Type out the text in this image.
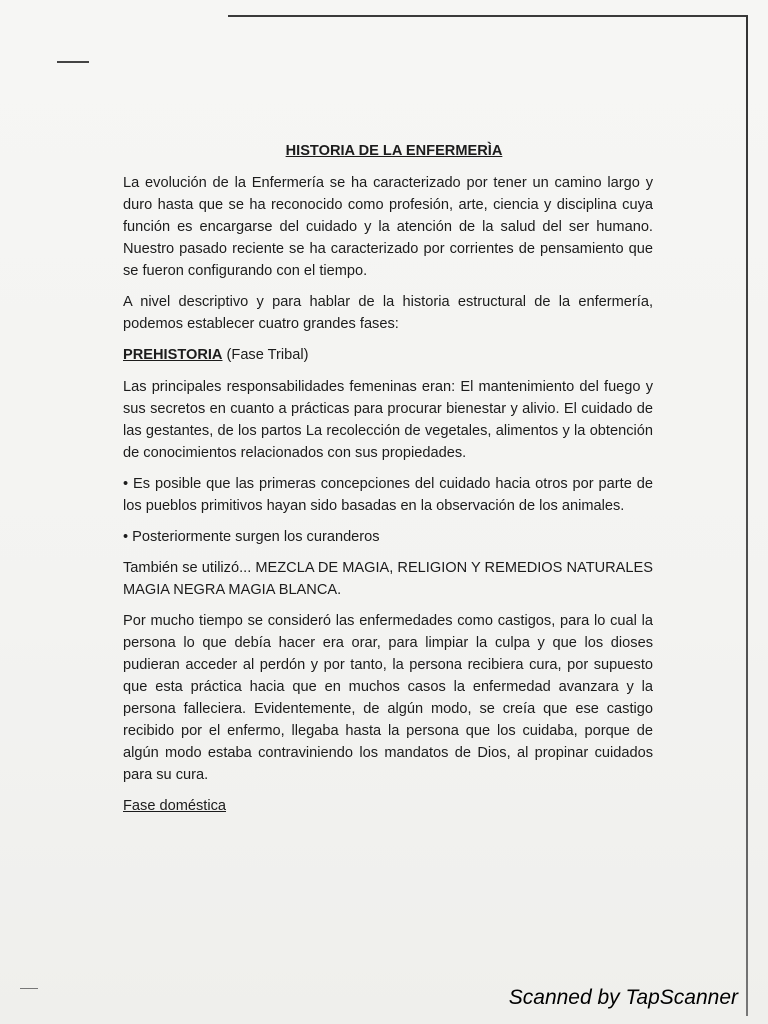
HISTORIA DE LA ENFERMERÌA

La evolución de la Enfermería se ha caracterizado por tener un camino largo y duro hasta que se ha reconocido como profesión, arte, ciencia y disciplina cuya función es encargarse del cuidado y la atención de la salud del ser humano. Nuestro pasado reciente se ha caracterizado por corrientes de pensamiento que se fueron configurando con el tiempo.

A nivel descriptivo y para hablar de la historia estructural de la enfermería, podemos establecer cuatro grandes fases:

PREHISTORIA (Fase Tribal)

Las principales responsabilidades femeninas eran: El mantenimiento del fuego y sus secretos en cuanto a prácticas para procurar bienestar y alivio. El cuidado de las gestantes, de los partos La recolección de vegetales, alimentos y la obtención de conocimientos relacionados con sus propiedades.

• Es posible que las primeras concepciones del cuidado hacia otros por parte de los pueblos primitivos hayan sido basadas en la observación de los animales.

• Posteriormente surgen los curanderos

También se utilizó... MEZCLA DE MAGIA, RELIGION Y REMEDIOS NATURALES MAGIA NEGRA MAGIA BLANCA.

Por mucho tiempo se consideró las enfermedades como castigos, para lo cual la persona lo que debía hacer era orar, para limpiar la culpa y que los dioses pudieran acceder al perdón y por tanto, la persona recibiera cura, por supuesto que esta práctica hacia que en muchos casos la enfermedad avanzara y la persona falleciera. Evidentemente, de algún modo, se creía que ese castigo recibido por el enfermo, llegaba hasta la persona que los cuidaba, porque de algún modo estaba contraviniendo los mandatos de Dios, al propinar cuidados para su cura.

Fase doméstica

Scanned by TapScanner
